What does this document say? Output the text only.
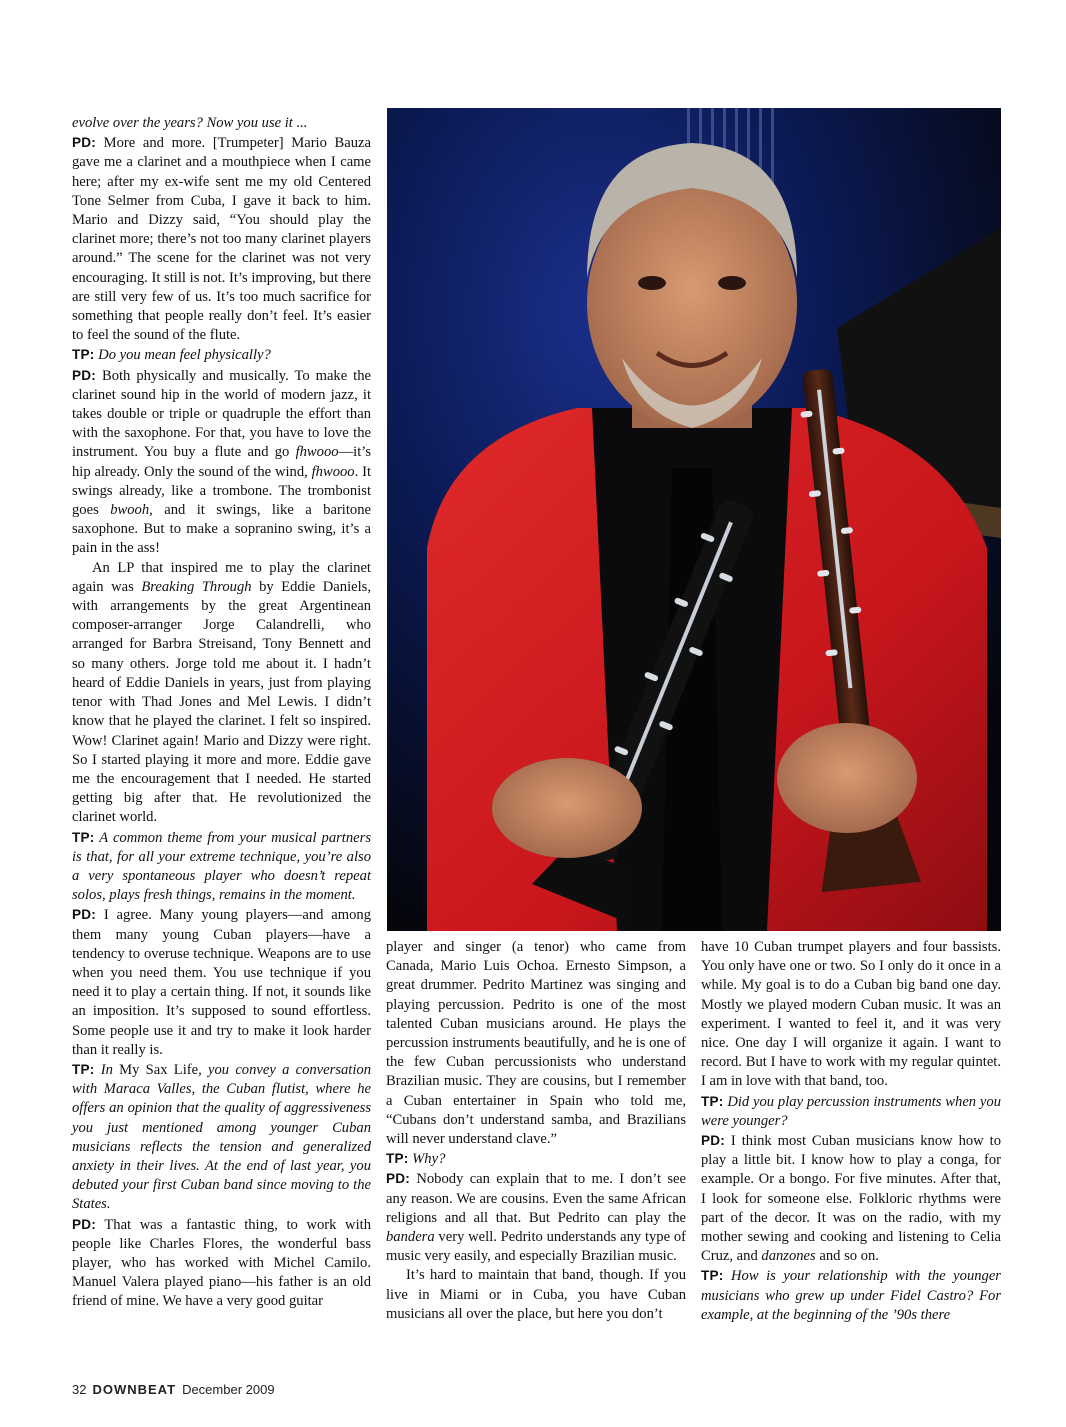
evolve over the years? Now you use it ...

PD: More and more. [Trumpeter] Mario Bauza gave me a clarinet and a mouthpiece when I came here; after my ex-wife sent me my old Centered Tone Selmer from Cuba, I gave it back to him. Mario and Dizzy said, “You should play the clarinet more; there’s not too many clarinet players around.” The scene for the clarinet was not very encouraging. It still is not. It’s improving, but there are still very few of us. It’s too much sacrifice for something that people really don’t feel. It’s easier to feel the sound of the flute.

TP: Do you mean feel physically?

PD: Both physically and musically. To make the clarinet sound hip in the world of modern jazz, it takes double or triple or quadruple the effort than with the saxophone. For that, you have to love the instrument. You buy a flute and go fhwooo—it’s hip already. Only the sound of the wind, fhwooo. It swings already, like a trombone. The trombonist goes bwooh, and it swings, like a baritone saxophone. But to make a sopranino swing, it’s a pain in the ass!

An LP that inspired me to play the clarinet again was Breaking Through by Eddie Daniels, with arrangements by the great Argentinean composer-arranger Jorge Calandrelli, who arranged for Barbra Streisand, Tony Bennett and so many others. Jorge told me about it. I hadn’t heard of Eddie Daniels in years, just from playing tenor with Thad Jones and Mel Lewis. I didn’t know that he played the clarinet. I felt so inspired. Wow! Clarinet again! Mario and Dizzy were right. So I started playing it more and more. Eddie gave me the encouragement that I needed. He started getting big after that. He revolutionized the clarinet world.

TP: A common theme from your musical partners is that, for all your extreme technique, you’re also a very spontaneous player who doesn’t repeat solos, plays fresh things, remains in the moment.

PD: I agree. Many young players—and among them many young Cuban players—have a tendency to overuse technique. Weapons are to use when you need them. You use technique if you need it to play a certain thing. If not, it sounds like an imposition. It’s supposed to sound effortless. Some people use it and try to make it look harder than it really is.

TP: In My Sax Life, you convey a conversation with Maraca Valles, the Cuban flutist, where he offers an opinion that the quality of aggressiveness you just mentioned among younger Cuban musicians reflects the tension and generalized anxiety in their lives. At the end of last year, you debuted your first Cuban band since moving to the States.

PD: That was a fantastic thing, to work with people like Charles Flores, the wonderful bass player, who has worked with Michel Camilo. Manuel Valera played piano—his father is an old friend of mine. We have a very good guitar

player and singer (a tenor) who came from Canada, Mario Luis Ochoa. Ernesto Simpson, a great drummer. Pedrito Martinez was singing and playing percussion. Pedrito is one of the most talented Cuban musicians around. He plays the percussion instruments beautifully, and he is one of the few Cuban percussionists who understand Brazilian music. They are cousins, but I remember a Cuban entertainer in Spain who told me, “Cubans don’t understand samba, and Brazilians will never understand clave.”

TP: Why?

PD: Nobody can explain that to me. I don’t see any reason. We are cousins. Even the same African religions and all that. But Pedrito can play the bandera very well. Pedrito understands any type of music very easily, and especially Brazilian music.

It’s hard to maintain that band, though. If you live in Miami or in Cuba, you have Cuban musicians all over the place, but here you don’t

have 10 Cuban trumpet players and four bassists. You only have one or two. So I only do it once in a while. My goal is to do a Cuban big band one day. Mostly we played modern Cuban music. It was an experiment. I wanted to feel it, and it was very nice. One day I will organize it again. I want to record. But I have to work with my regular quintet. I am in love with that band, too.

TP: Did you play percussion instruments when you were younger?

PD: I think most Cuban musicians know how to play a little bit. I know how to play a conga, for example. Or a bongo. For five minutes. After that, I look for someone else. Folkloric rhythms were part of the decor. It was on the radio, with my mother sewing and cooking and listening to Celia Cruz, and danzones and so on.

TP: How is your relationship with the younger musicians who grew up under Fidel Castro? For example, at the beginning of the ’90s there

32 DOWNBEAT December 2009
